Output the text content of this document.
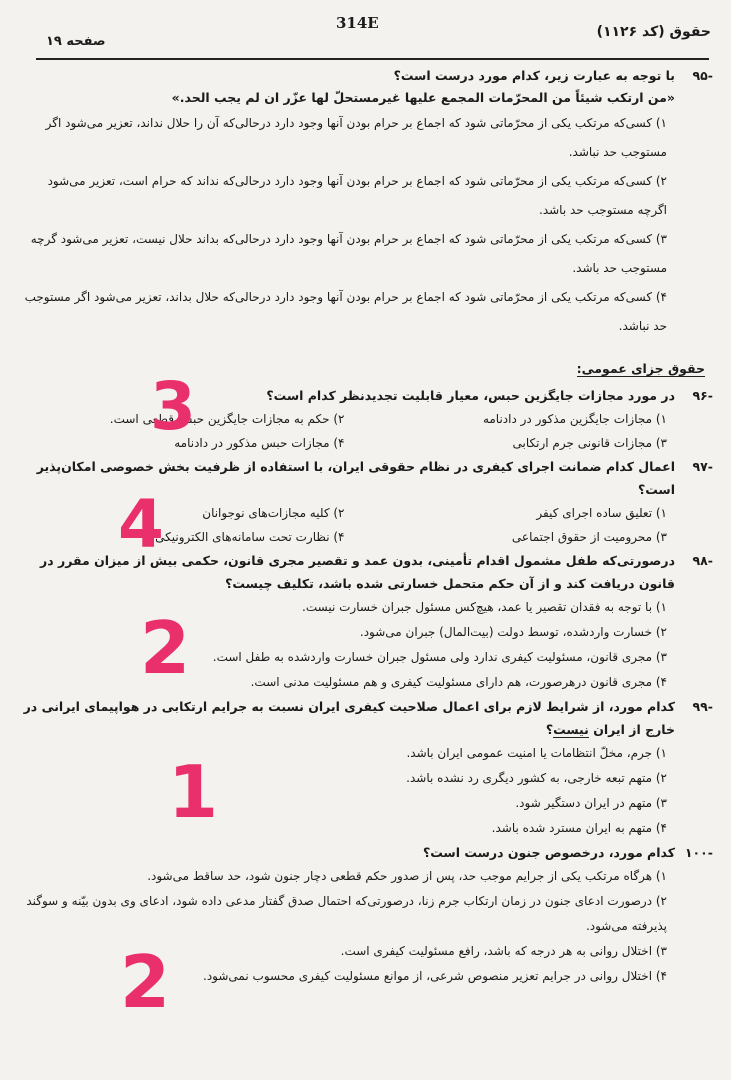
حقوق (کد ۱۱۲۶)
314E
صفحه ۱۹
-۹۵
با توجه به عبارت زیر، کدام مورد درست است؟
«من ارتکب شیئاً من المحرّمات المجمع علیها غیرمستحلّ لها عزّر ان لم یجب الحد.»
۱) کسی‌که مرتکب یکی از محرّماتی شود که اجماع بر حرام بودن آنها وجود دارد درحالی‌که آن را حلال نداند، تعزیر می‌شود اگر مستوجب حد نباشد.
۲) کسی‌که مرتکب یکی از محرّماتی شود که اجماع بر حرام بودن آنها وجود دارد درحالی‌که نداند که حرام است، تعزیر می‌شود اگرچه مستوجب حد باشد.
۳) کسی‌که مرتکب یکی از محرّماتی شود که اجماع بر حرام بودن آنها وجود دارد درحالی‌که بداند حلال نیست، تعزیر می‌شود گرچه مستوجب حد باشد.
۴) کسی‌که مرتکب یکی از محرّماتی شود که اجماع بر حرام بودن آنها وجود دارد درحالی‌که حلال بداند، تعزیر می‌شود اگر مستوجب حد نباشد.
حقوق جزای عمومی:
-۹۶
در مورد مجازات جایگزین حبس، معیار قابلیت تجدیدنظر کدام است؟
۱) مجازات جایگزین مذکور در دادنامه
۲) حکم به مجازات جایگزین حبس قطعی است.
۳) مجازات قانونی جرم ارتکابی
۴) مجازات حبس مذکور در دادنامه
-۹۷
اعمال کدام ضمانت اجرای کیفری در نظام حقوقی ایران، با استفاده از ظرفیت بخش خصوصی امکان‌پذیر است؟
۱) تعلیق ساده اجرای کیفر
۲) کلیه مجازات‌های نوجوانان
۳) محرومیت از حقوق اجتماعی
۴) نظارت تحت سامانه‌های الکترونیکی
-۹۸
درصورتی‌که طفل مشمول اقدام تأمینی، بدون عمد و تقصیر مجری قانون، حکمی بیش از میزان مقرر در قانون دریافت کند و از آن حکم متحمل خسارتی شده باشد، تکلیف چیست؟
۱) با توجه به فقدان تقصیر یا عمد، هیچ‌کس مسئول جبران خسارت نیست.
۲) خسارت واردشده، توسط دولت (بیت‌المال) جبران می‌شود.
۳) مجری قانون، مسئولیت کیفری ندارد ولی مسئول جبران خسارت واردشده به طفل است.
۴) مجری قانون درهرصورت، هم دارای مسئولیت کیفری و هم مسئولیت مدنی است.
-۹۹
کدام مورد، از شرایط لازم برای اعمال صلاحیت کیفری ایران نسبت به جرایم ارتکابی در هواپیمای ایرانی در خارج از ایران نیست؟
۱) جرم، مخلّ انتظامات یا امنیت عمومی ایران باشد.
۲) متهم تبعه خارجی، به کشور دیگری رد نشده باشد.
۳) متهم در ایران دستگیر شود.
۴) متهم به ایران مسترد شده باشد.
-۱۰۰
کدام مورد، درخصوص جنون درست است؟
۱) هرگاه مرتکب یکی از جرایم موجب حد، پس از صدور حکم قطعی دچار جنون شود، حد ساقط می‌شود.
۲) درصورت ادعای جنون در زمان ارتکاب جرم زنا، درصورتی‌که احتمال صدق گفتار مدعی داده شود، ادعای وی بدون بیّنه و سوگند پذیرفته می‌شود.
۳) اختلال روانی به هر درجه که باشد، رافع مسئولیت کیفری است.
۴) اختلال روانی در جرایم تعزیر منصوص شرعی، از موانع مسئولیت کیفری محسوب نمی‌شود.
3
4
2
1
2
